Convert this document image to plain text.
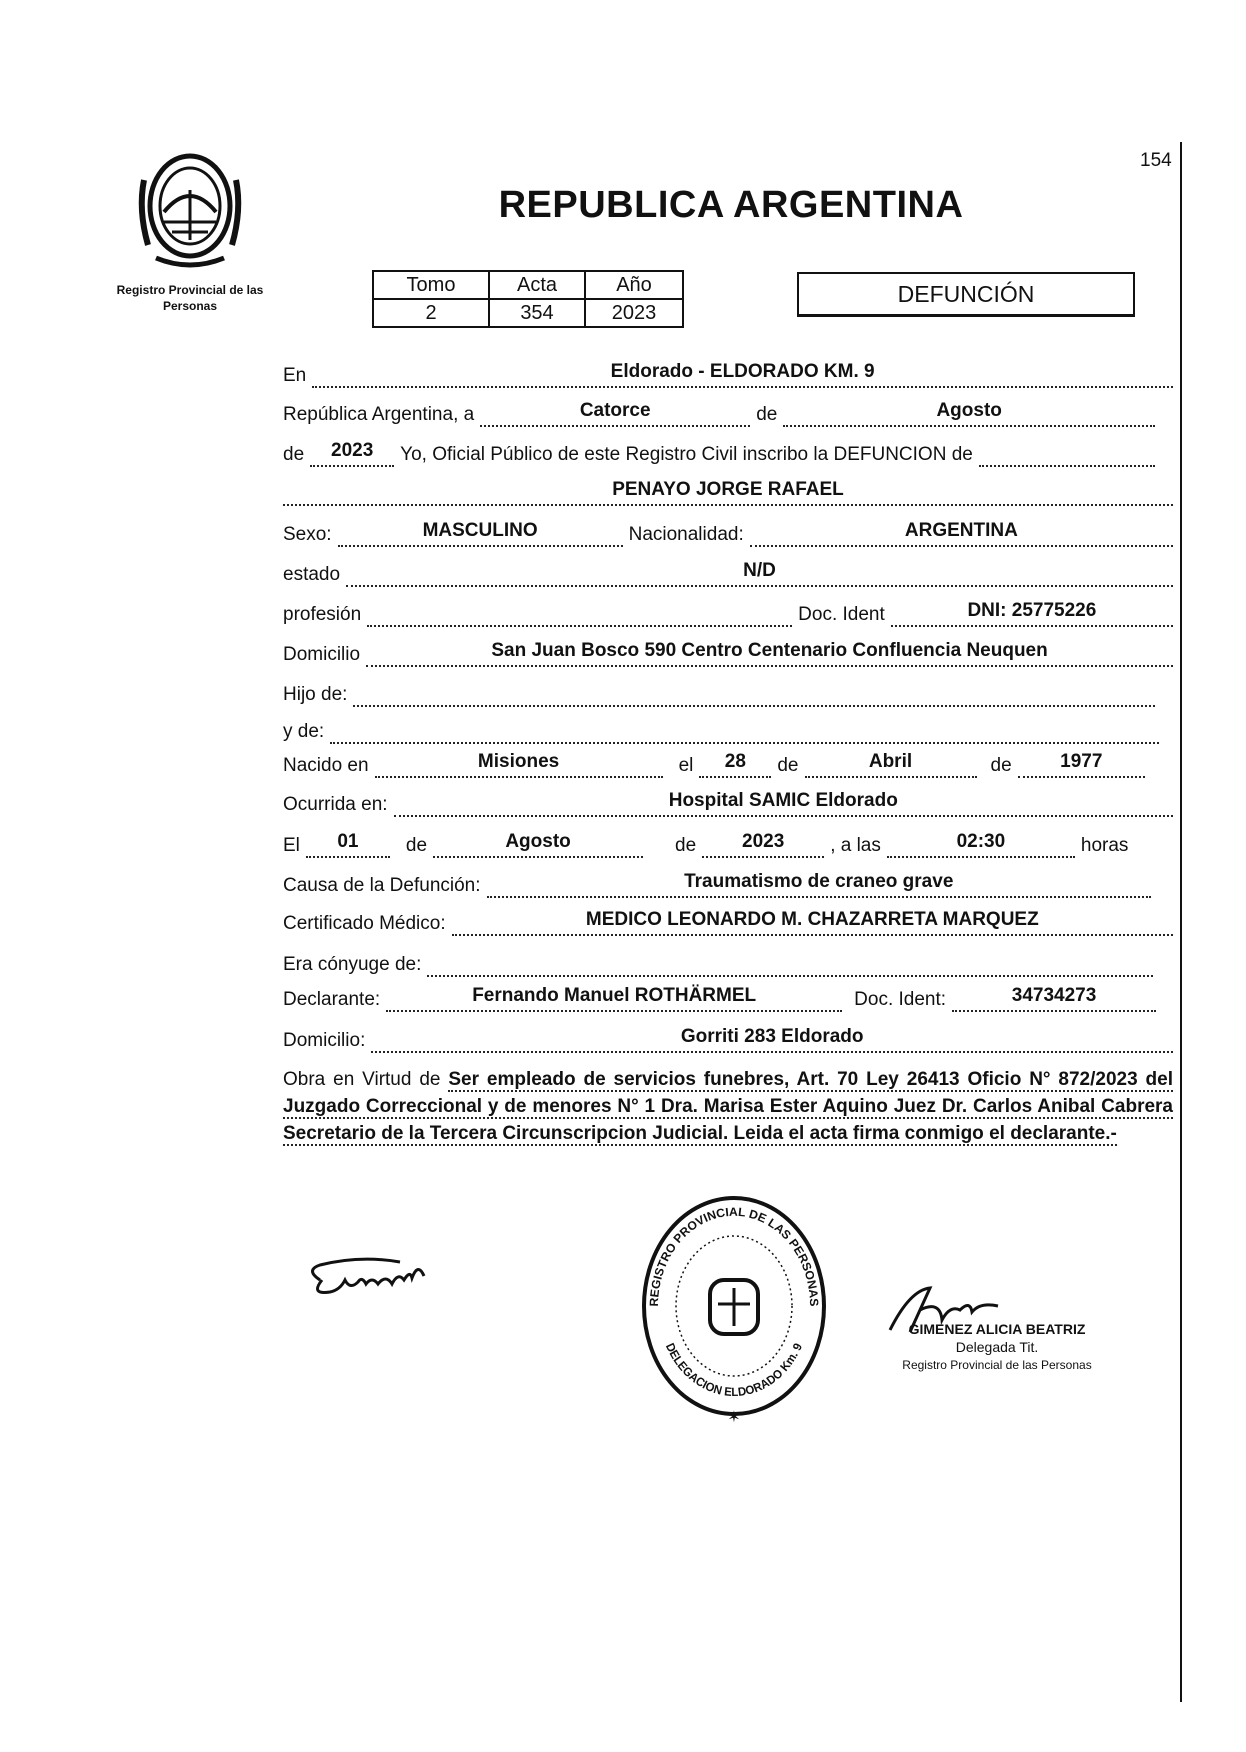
154
Registro Provincial de las Personas
REPUBLICA ARGENTINA
Tomo	Acta	Año
2	354	2023
DEFUNCIÓN
En	Eldorado - ELDORADO KM. 9
República Argentina, a	Catorce	de	Agosto
de	2023	Yo, Oficial Público de este Registro Civil inscribo la DEFUNCION de
PENAYO JORGE RAFAEL
Sexo:	MASCULINO	Nacionalidad:	ARGENTINA
estado	N/D
profesión	Doc. Ident	DNI: 25775226
Domicilio	San Juan Bosco 590 Centro Centenario Confluencia Neuquen
Hijo de:
y de:
Nacido en	Misiones	el	28	de	Abril	de	1977
Ocurrida en:	Hospital SAMIC Eldorado
El	01	de	Agosto	de	2023	, a las	02:30	horas
Causa de la Defunción:	Traumatismo de craneo grave
Certificado Médico:	MEDICO LEONARDO M. CHAZARRETA MARQUEZ
Era cónyuge de:
Declarante:	Fernando Manuel ROTHÄRMEL	Doc. Ident:	34734273
Domicilio:	Gorriti 283 Eldorado
Obra en Virtud de Ser empleado de servicios funebres, Art. 70 Ley 26413 Oficio N° 872/2023 del Juzgado Correccional y de menores N° 1 Dra. Marisa Ester Aquino Juez Dr. Carlos Anibal Cabrera Secretario de la Tercera Circunscripcion Judicial. Leida el acta firma conmigo el declarante.-
REGISTRO PROVINCIAL DE LAS PERSONAS
DELEGACION ELDORADO Km. 9
✶
GIMENEZ ALICIA BEATRIZ
Delegada Tit.
Registro Provincial de las Personas
